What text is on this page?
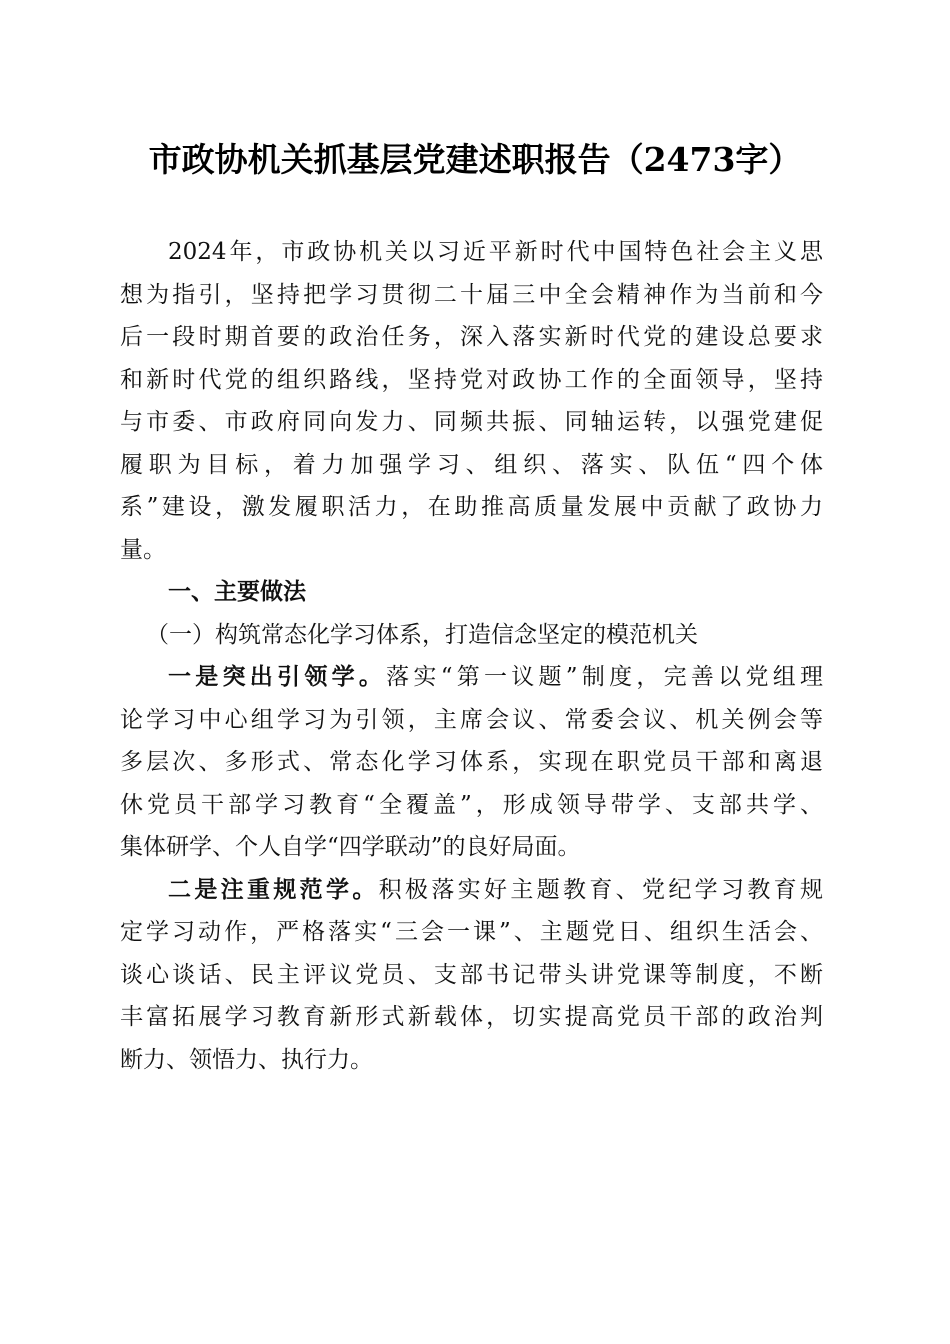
市政协机关抓基层党建述职报告（2473字）
2024年，市政协机关以习近平新时代中国特色社会主义思
想为指引，坚持把学习贯彻二十届三中全会精神作为当前和今
后一段时期首要的政治任务，深入落实新时代党的建设总要求
和新时代党的组织路线，坚持党对政协工作的全面领导，坚持
与市委、市政府同向发力、同频共振、同轴运转，以强党建促
履职为目标，着力加强学习、组织、落实、队伍“四个体
系”建设，激发履职活力，在助推高质量发展中贡献了政协力
量。
一、主要做法
（一）构筑常态化学习体系，打造信念坚定的模范机关
一是突出引领学。落实“第一议题”制度，完善以党组理
论学习中心组学习为引领，主席会议、常委会议、机关例会等
多层次、多形式、常态化学习体系，实现在职党员干部和离退
休党员干部学习教育“全覆盖”，形成领导带学、支部共学、
集体研学、个人自学“四学联动”的良好局面。
二是注重规范学。积极落实好主题教育、党纪学习教育规
定学习动作，严格落实“三会一课”、主题党日、组织生活会、
谈心谈话、民主评议党员、支部书记带头讲党课等制度，不断
丰富拓展学习教育新形式新载体，切实提高党员干部的政治判
断力、领悟力、执行力。
